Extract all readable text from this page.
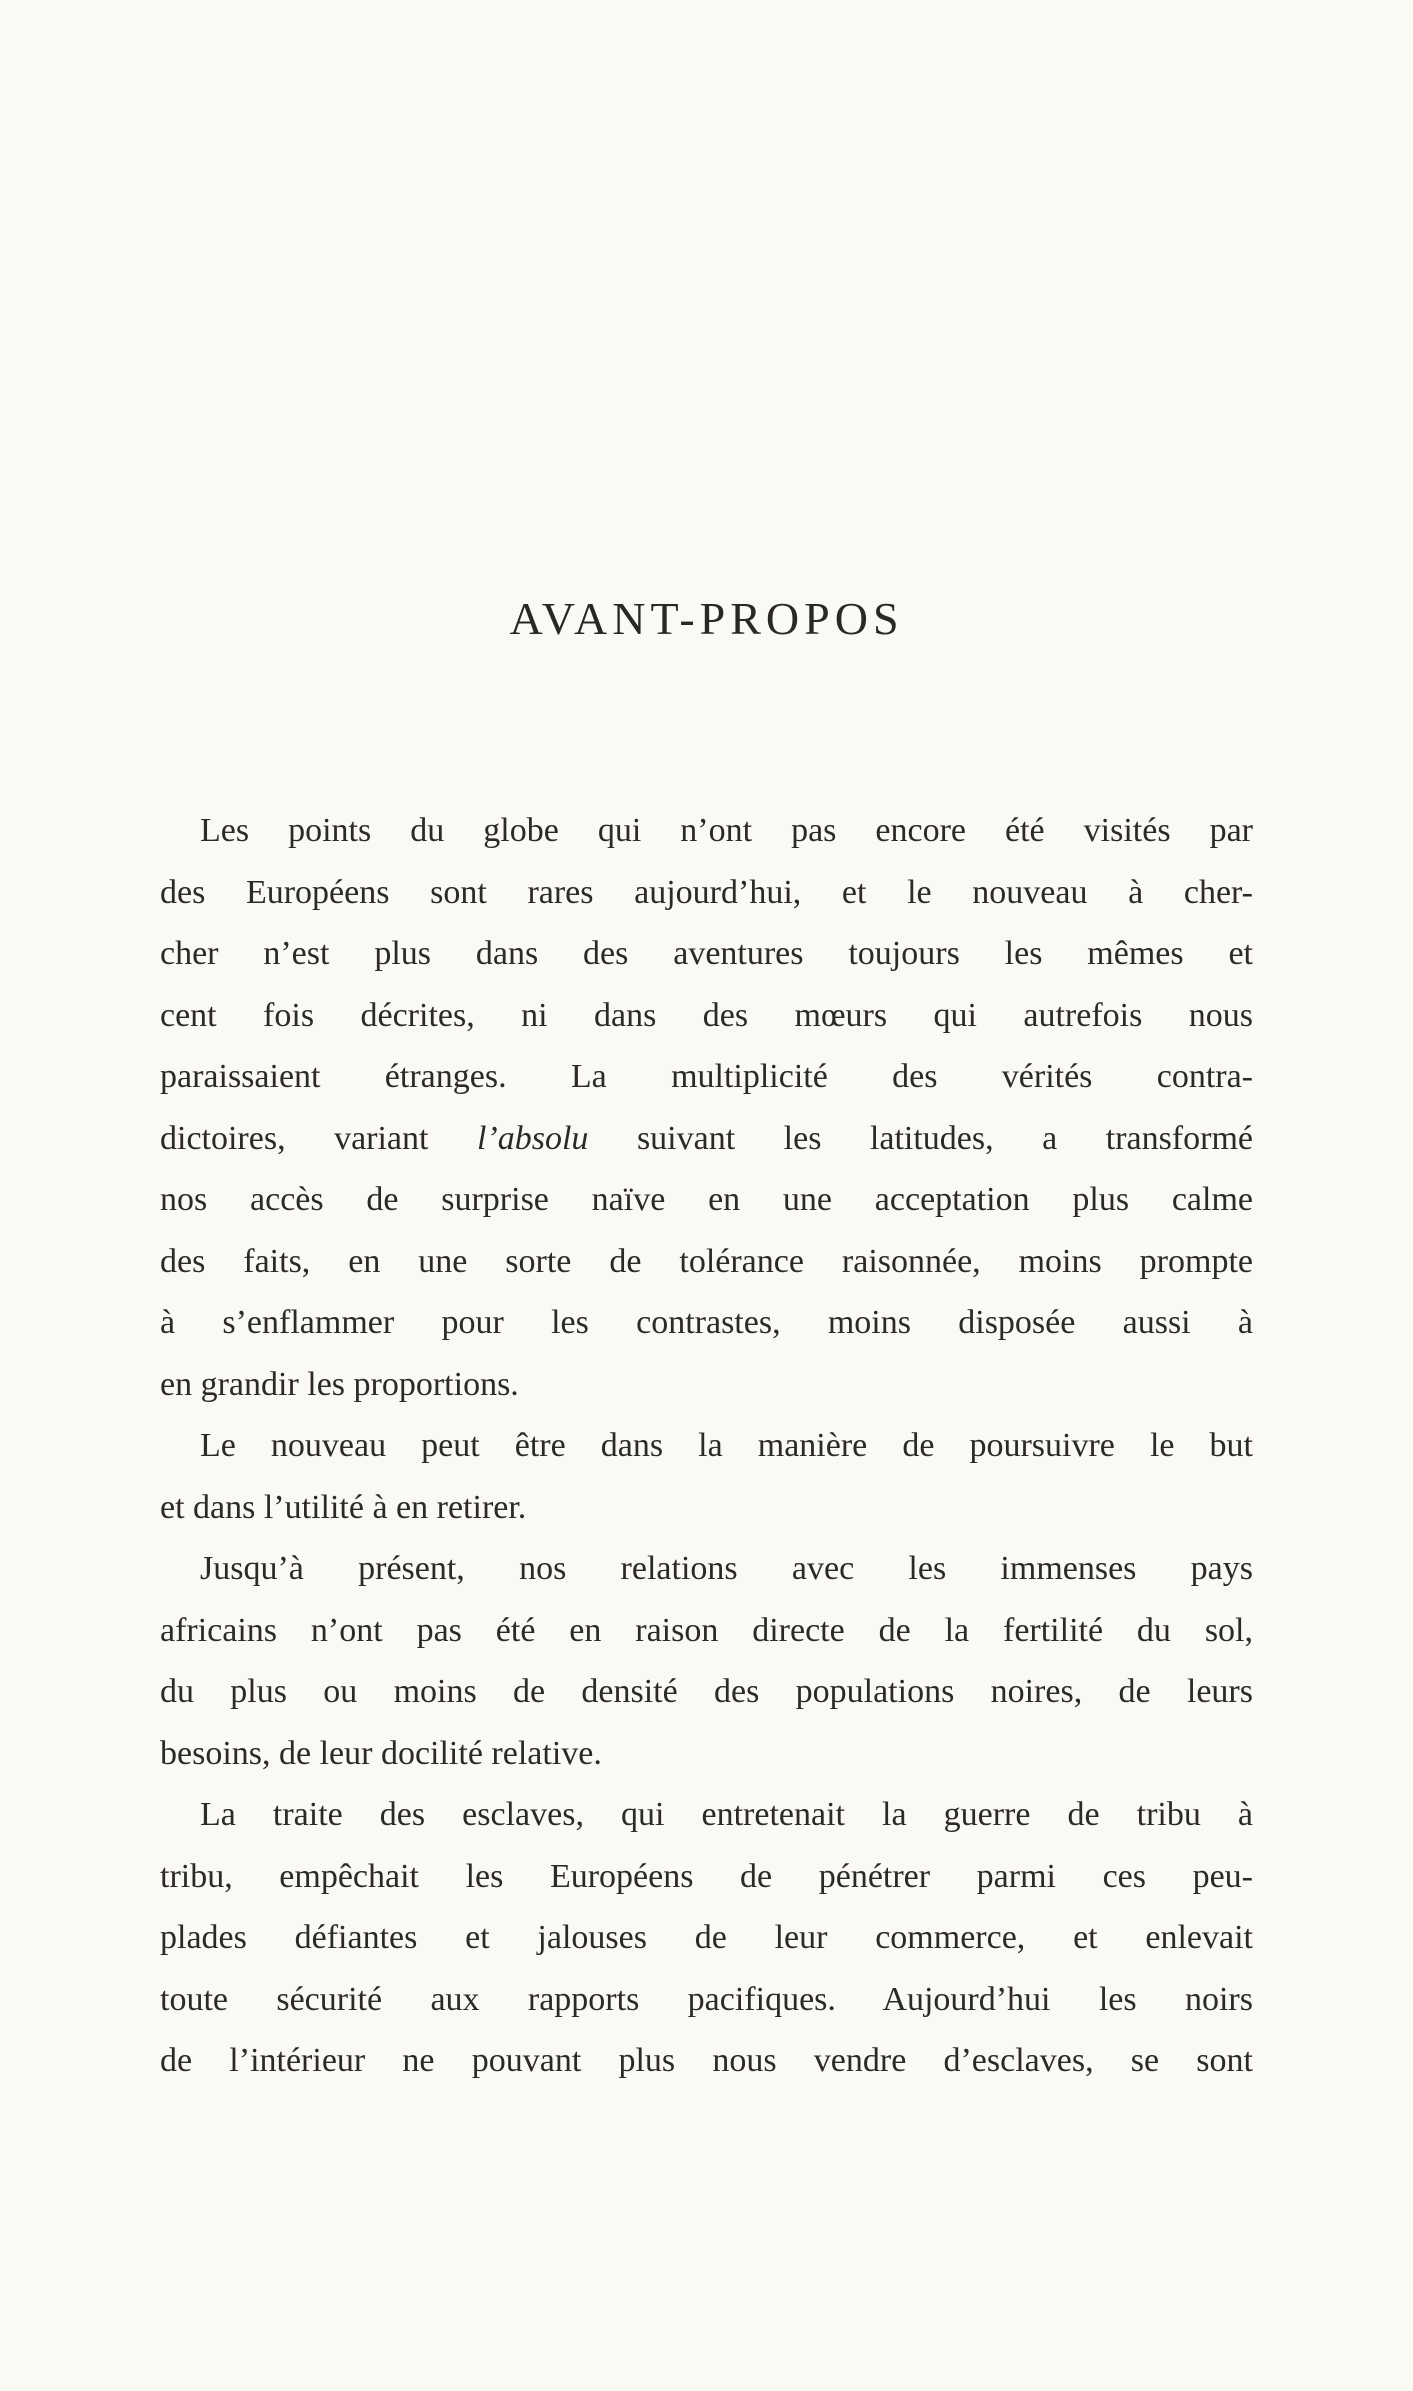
AVANT-PROPOS
Les points du globe qui n’ont pas encore été visités par
des Européens sont rares aujourd’hui, et le nouveau à cher-
cher n’est plus dans des aventures toujours les mêmes et
cent fois décrites, ni dans des mœurs qui autrefois nous
paraissaient étranges. La multiplicité des vérités contra-
dictoires, variant l’absolu suivant les latitudes, a transformé
nos accès de surprise naïve en une acceptation plus calme
des faits, en une sorte de tolérance raisonnée, moins prompte
à s’enflammer pour les contrastes, moins disposée aussi à
en grandir les proportions.
Le nouveau peut être dans la manière de poursuivre le but
et dans l’utilité à en retirer.
Jusqu’à présent, nos relations avec les immenses pays
africains n’ont pas été en raison directe de la fertilité du sol,
du plus ou moins de densité des populations noires, de leurs
besoins, de leur docilité relative.
La traite des esclaves, qui entretenait la guerre de tribu à
tribu, empêchait les Européens de pénétrer parmi ces peu-
plades défiantes et jalouses de leur commerce, et enlevait
toute sécurité aux rapports pacifiques. Aujourd’hui les noirs
de l’intérieur ne pouvant plus nous vendre d’esclaves, se sont
